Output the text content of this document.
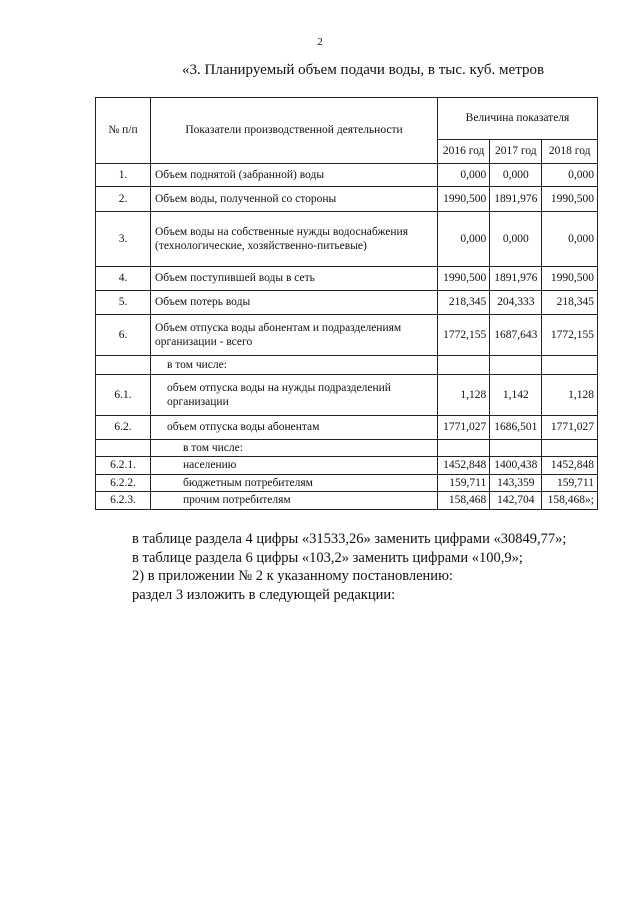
2
«3. Планируемый объем подачи воды, в тыс. куб. метров
№ п/п	Показатели производственной деятельности	Величина показателя		
		2016 год	2017 год	2018 год
1.	Объем поднятой (забранной) воды	0,000	0,000	0,000
2.	Объем воды, полученной со стороны	1990,500	1891,976	1990,500
3.	Объем воды на собственные нужды водоснабжения (технологические, хозяйственно-питьевые)	0,000	0,000	0,000
4.	Объем поступившей воды в сеть	1990,500	1891,976	1990,500
5.	Объем потерь воды	218,345	204,333	218,345
6.	Объем отпуска воды абонентам и подразделениям организации - всего	1772,155	1687,643	1772,155
	в том числе:			
6.1.	объем отпуска воды на нужды подразделений организации	1,128	1,142	1,128
6.2.	объем отпуска воды абонентам	1771,027	1686,501	1771,027
	в том числе:			
6.2.1.	населению	1452,848	1400,438	1452,848
6.2.2.	бюджетным потребителям	159,711	143,359	159,711
6.2.3.	прочим потребителям	158,468	142,704	158,468»;
в таблице раздела 4 цифры «31533,26» заменить цифрами «30849,77»;
в таблице раздела 6 цифры «103,2» заменить цифрами «100,9»;
2) в приложении № 2 к указанному постановлению:
раздел 3 изложить в следующей редакции:
